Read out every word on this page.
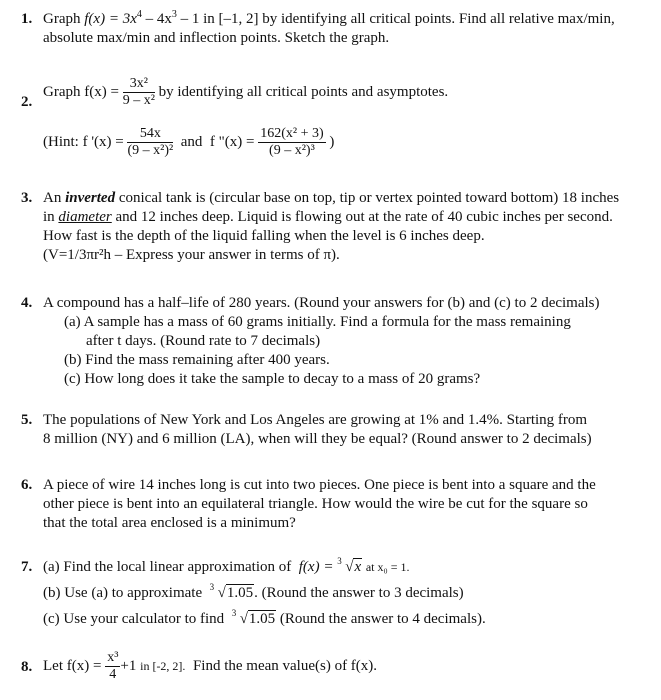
1. Graph $f(x) = 3x^4 - 4x^3 - 1$ in [–1, 2] by identifying all critical points. Find all relative max/min,
absolute max/min and inflection points. Sketch the graph.
2.
Graph $f(x) = \frac{\text{3x²}}{\text{9 – x²}}$ by identifying all critical points and asymptotes.
(Hint: f '$(x) = \frac{54x}{\text{(9 – x²)²}}$ and f "$(x) = \frac{\text{162(x² + 3)}}{\text{(9 – x²)³}}$ )
3. An inverted conical tank is (circular base on top, tip or vertex pointed toward bottom) 18 inches
in diameter and 12 inches deep. Liquid is flowing out at the rate of 40 cubic inches per second.
How fast is the depth of the liquid falling when the level is 6 inches deep.
(V=1/3πr²h – Express your answer in terms of π).
4. A compound has a half–life of 280 years. (Round your answers for (b) and (c) to 2 decimals)
(a) A sample has a mass of 60 grams initially. Find a formula for the mass remaining
after t days. (Round rate to 7 decimals)
(b) Find the mass remaining after 400 years.
(c) How long does it take the sample to decay to a mass of 20 grams?
5. The populations of New York and Los Angeles are growing at 1% and 1.4%. Starting from
8 million (NY) and 6 million (LA), when will they be equal? (Round answer to 2 decimals)
6. A piece of wire 14 inches long is cut into two pieces. One piece is bent into a square and the
other piece is bent into an equilateral triangle. How would the wire be cut for the square so
that the total area enclosed is a minimum?
7. (a) Find the local linear approximation of f(x) = 3 √x at x₀ = 1.
(b) Use (a) to approximate 3 √1.05. (Round the answer to 3 decimals)
(c) Use your calculator to find 3 √1.05 (Round the answer to 4 decimals).
8. Let $f(x) = \frac{\text{x³}}{4} +1$ in [-2, 2]. Find the mean value(s) of f(x).
